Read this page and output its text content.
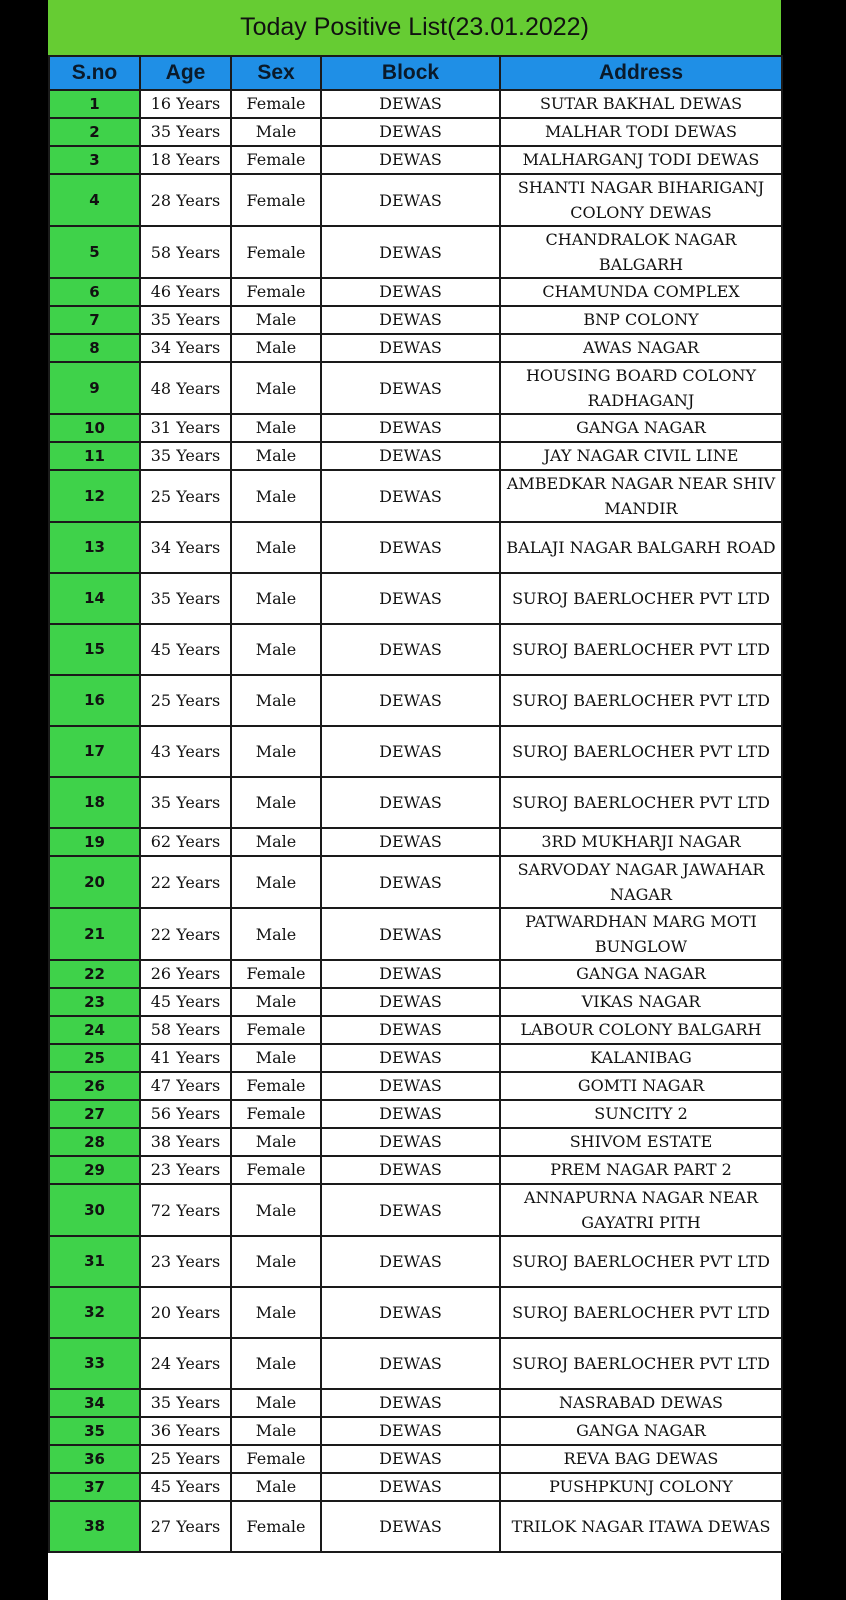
Today Positive List(23.01.2022)
S.no	Age	Sex	Block	Address
1	16 Years	Female	DEWAS	SUTAR BAKHAL DEWAS
2	35 Years	Male	DEWAS	MALHAR TODI DEWAS
3	18 Years	Female	DEWAS	MALHARGANJ TODI DEWAS
4	28 Years	Female	DEWAS	SHANTI NAGAR BIHARIGANJ COLONY DEWAS
5	58 Years	Female	DEWAS	CHANDRALOK NAGAR BALGARH
6	46 Years	Female	DEWAS	CHAMUNDA COMPLEX
7	35 Years	Male	DEWAS	BNP COLONY
8	34 Years	Male	DEWAS	AWAS NAGAR
9	48 Years	Male	DEWAS	HOUSING BOARD COLONY RADHAGANJ
10	31 Years	Male	DEWAS	GANGA NAGAR
11	35 Years	Male	DEWAS	JAY NAGAR CIVIL LINE
12	25 Years	Male	DEWAS	AMBEDKAR NAGAR NEAR SHIV MANDIR
13	34 Years	Male	DEWAS	BALAJI NAGAR BALGARH ROAD
14	35 Years	Male	DEWAS	SUROJ BAERLOCHER PVT LTD
15	45 Years	Male	DEWAS	SUROJ BAERLOCHER PVT LTD
16	25 Years	Male	DEWAS	SUROJ BAERLOCHER PVT LTD
17	43 Years	Male	DEWAS	SUROJ BAERLOCHER PVT LTD
18	35 Years	Male	DEWAS	SUROJ BAERLOCHER PVT LTD
19	62 Years	Male	DEWAS	3RD MUKHARJI NAGAR
20	22 Years	Male	DEWAS	SARVODAY NAGAR JAWAHAR NAGAR
21	22 Years	Male	DEWAS	PATWARDHAN MARG MOTI BUNGLOW
22	26 Years	Female	DEWAS	GANGA NAGAR
23	45 Years	Male	DEWAS	VIKAS NAGAR
24	58 Years	Female	DEWAS	LABOUR COLONY BALGARH
25	41 Years	Male	DEWAS	KALANIBAG
26	47 Years	Female	DEWAS	GOMTI NAGAR
27	56 Years	Female	DEWAS	SUNCITY 2
28	38 Years	Male	DEWAS	SHIVOM ESTATE
29	23 Years	Female	DEWAS	PREM NAGAR PART 2
30	72 Years	Male	DEWAS	ANNAPURNA NAGAR NEAR GAYATRI PITH
31	23 Years	Male	DEWAS	SUROJ BAERLOCHER PVT LTD
32	20 Years	Male	DEWAS	SUROJ BAERLOCHER PVT LTD
33	24 Years	Male	DEWAS	SUROJ BAERLOCHER PVT LTD
34	35 Years	Male	DEWAS	NASRABAD DEWAS
35	36 Years	Male	DEWAS	GANGA NAGAR
36	25 Years	Female	DEWAS	REVA BAG DEWAS
37	45 Years	Male	DEWAS	PUSHPKUNJ COLONY
38	27 Years	Female	DEWAS	TRILOK NAGAR ITAWA DEWAS
